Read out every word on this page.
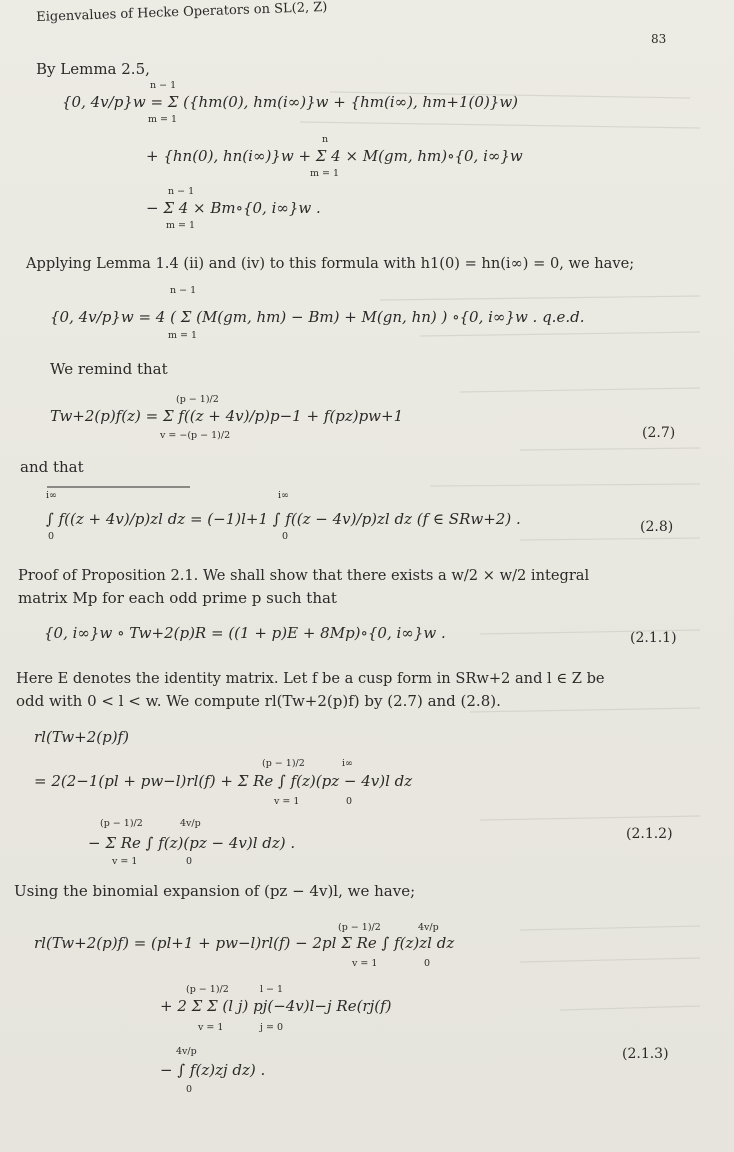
Eigenvalues of Hecke Operators on SL(2, Z)
83
By Lemma 2.5,
n − 1
{0, 4v/p}w = Σ ({hm(0), hm(i∞)}w + {hm(i∞), hm+1(0)}w)
m = 1
n
+ {hn(0), hn(i∞)}w + Σ 4 × M(gm, hm)∘{0, i∞}w
m = 1
n − 1
− Σ 4 × Bm∘{0, i∞}w .
m = 1
Applying Lemma 1.4 (ii) and (iv) to this formula with h1(0) = hn(i∞) = 0, we have;
n − 1
{0, 4v/p}w = 4 ( Σ (M(gm, hm) − Bm) + M(gn, hn) ) ∘{0, i∞}w . q.e.d.
m = 1
We remind that
(p − 1)/2
Tw+2(p)f(z) = Σ f((z + 4v)/p)p−1 + f(pz)pw+1
v = −(p − 1)/2	(2.7)
and that
i∞	i∞
∫ f((z + 4v)/p)zl dz = (−1)l+1 ∫ f((z − 4v)/p)zl dz (f ∈ SRw+2) .
0	0
(2.8)
Proof of Proposition 2.1. We shall show that there exists a w/2 × w/2 integral
matrix Mp for each odd prime p such that
{0, i∞}w ∘ Tw+2(p)R = ((1 + p)E + 8Mp)∘{0, i∞}w .	(2.1.1)
Here E denotes the identity matrix. Let f be a cusp form in SRw+2 and l ∈ Z be
odd with 0 < l < w. We compute rl(Tw+2(p)f) by (2.7) and (2.8).
rl(Tw+2(p)f)
(p − 1)/2	i∞
= 2(2−1(pl + pw−l)rl(f) + Σ Re ∫ f(z)(pz − 4v)l dz
v = 1	0
(p − 1)/2	4v/p
− Σ Re ∫ f(z)(pz − 4v)l dz) .
v = 1	0
(2.1.2)
Using the binomial expansion of (pz − 4v)l, we have;
(p − 1)/2	4v/p
rl(Tw+2(p)f) = (pl+1 + pw−l)rl(f) − 2pl Σ Re ∫ f(z)zl dz
v = 1	0
(p − 1)/2	l − 1
+ 2 Σ Σ (l j) pj(−4v)l−j Re(rj(f)
v = 1	j = 0
4v/p
− ∫ f(z)zj dz) .
0
(2.1.3)
